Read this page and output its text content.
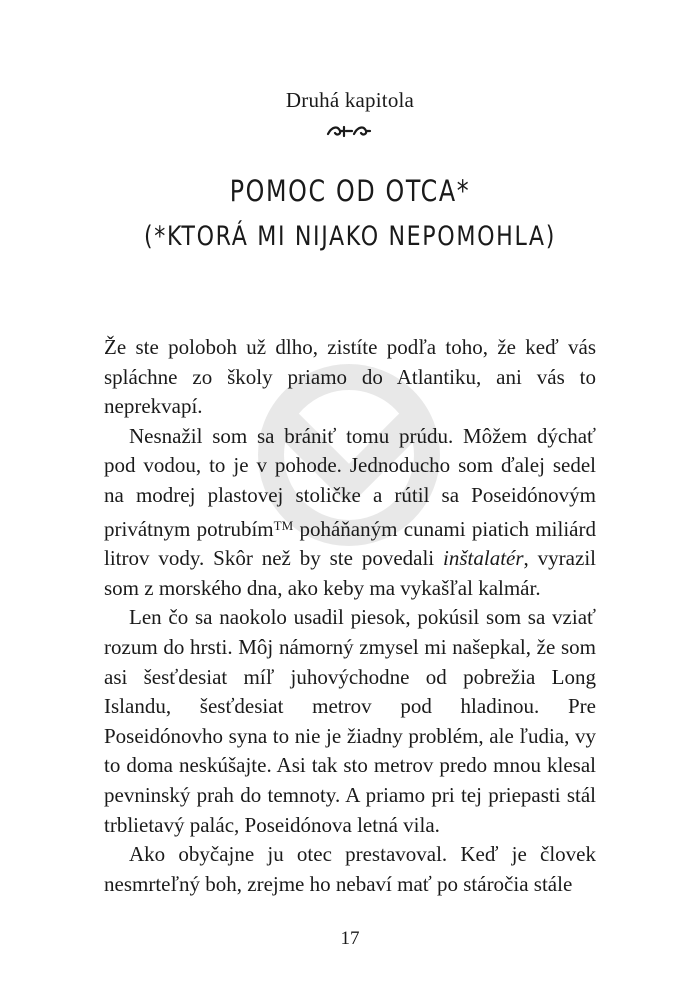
Druhá kapitola
POMOC OD OTCA*
(*KTORÁ MI NIJAKO NEPOMOHLA)

Že ste poloboh už dlho, zistíte podľa toho, že keď vás spláchne zo školy priamo do Atlantiku, ani vás to neprekvapí.

Nesnažil som sa brániť tomu prúdu. Môžem dýchať pod vodou, to je v pohode. Jednoducho som ďalej sedel na modrej plastovej stoličke a rútil sa Poseidónovým privátnym potrubím™ poháňaným cunami piatich miliárd litrov vody. Skôr než by ste povedali inštalatér, vyrazil som z morského dna, ako keby ma vykašľal kalmár.

Len čo sa naokolo usadil piesok, pokúsil som sa vziať rozum do hrsti. Môj námorný zmysel mi našepkal, že som asi šesťdesiat míľ juhovýchodne od pobrežia Long Islandu, šesťdesiat metrov pod hladinou. Pre Poseidónovho syna to nie je žiadny problém, ale ľudia, vy to doma neskúšajte. Asi tak sto metrov predo mnou klesal pevninský prah do temnoty. A priamo pri tej priepasti stál trblietavý palác, Poseidónova letná vila.

Ako obyčajne ju otec prestavoval. Keď je človek nesmrteľný boh, zrejme ho nebaví mať po stáročia stále

17
